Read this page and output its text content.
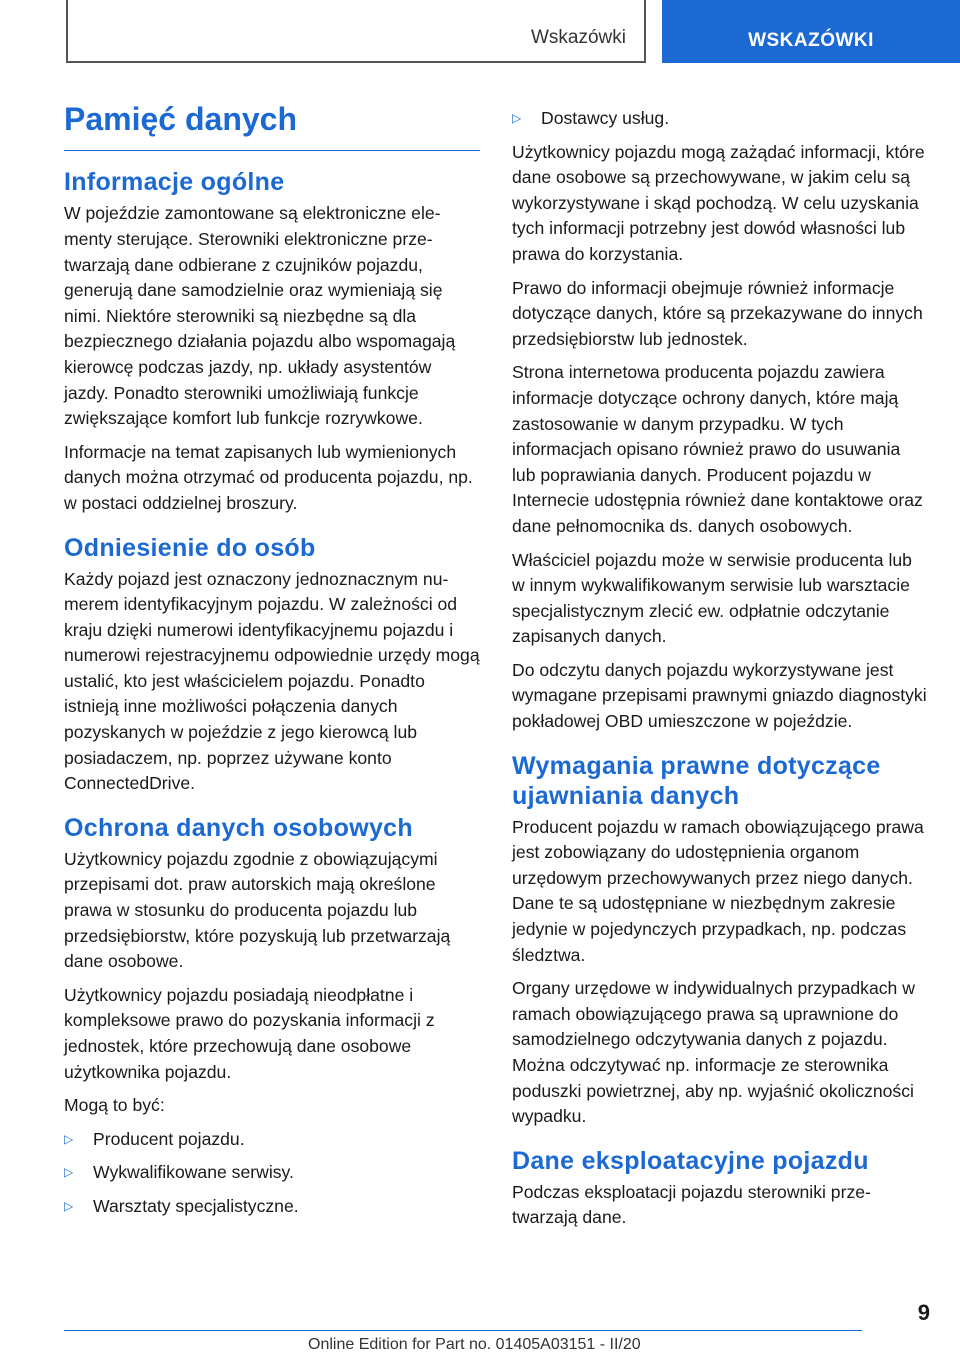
Wskazówki	WSKAZÓWKI
Pamięć danych
Informacje ogólne

W pojeździe zamontowane są elektroniczne elementy sterujące. Sterowniki elektroniczne przetwarzają dane odbierane z czujników pojazdu, generują dane samodzielnie oraz wymieniają się nimi. Niektóre sterowniki są niezbędne są dla bezpiecznego działania pojazdu albo wspomagają kierowcę podczas jazdy, np. układy asystentów jazdy. Ponadto sterowniki umożliwiają funkcje zwiększające komfort lub funkcje rozrywkowe.

Informacje na temat zapisanych lub wymienionych danych można otrzymać od producenta pojazdu, np. w postaci oddzielnej broszury.

Odniesienie do osób

Każdy pojazd jest oznaczony jednoznacznym numerem identyfikacyjnym pojazdu. W zależności od kraju dzięki numerowi identyfikacyjnemu pojazdu i numerowi rejestracyjnemu odpowiednie urzędy mogą ustalić, kto jest właścicielem pojazdu. Ponadto istnieją inne możliwości połączenia danych pozyskanych w pojeździe z jego kierowcą lub posiadaczem, np. poprzez używane konto ConnectedDrive.

Ochrona danych osobowych

Użytkownicy pojazdu zgodnie z obowiązującymi przepisami dot. praw autorskich mają określone prawa w stosunku do producenta pojazdu lub przedsiębiorstw, które pozyskują lub przetwarzają dane osobowe.

Użytkownicy pojazdu posiadają nieodpłatne i kompleksowe prawo do pozyskania informacji z jednostek, które przechowują dane osobowe użytkownika pojazdu.

Mogą to być:

▷	Producent pojazdu.
▷	Wykwalifikowane serwisy.
▷	Warsztaty specjalistyczne.
▷	Dostawcy usług.

Użytkownicy pojazdu mogą zażądać informacji, które dane osobowe są przechowywane, w jakim celu są wykorzystywane i skąd pochodzą. W celu uzyskania tych informacji potrzebny jest dowód własności lub prawa do korzystania.

Prawo do informacji obejmuje również informacje dotyczące danych, które są przekazywane do innych przedsiębiorstw lub jednostek.

Strona internetowa producenta pojazdu zawiera informacje dotyczące ochrony danych, które mają zastosowanie w danym przypadku. W tych informacjach opisano również prawo do usuwania lub poprawiania danych. Producent pojazdu w Internecie udostępnia również dane kontaktowe oraz dane pełnomocnika ds. danych osobowych.

Właściciel pojazdu może w serwisie producenta lub w innym wykwalifikowanym serwisie lub warsztacie specjalistycznym zlecić ew. odpłatnie odczytanie zapisanych danych.

Do odczytu danych pojazdu wykorzystywane jest wymagane przepisami prawnymi gniazdo diagnostyki pokładowej OBD umieszczone w pojeździe.

Wymagania prawne dotyczące ujawniania danych

Producent pojazdu w ramach obowiązującego prawa jest zobowiązany do udostępnienia organom urzędowym przechowywanych przez niego danych. Dane te są udostępniane w niezbędnym zakresie jedynie w pojedynczych przypadkach, np. podczas śledztwa.

Organy urzędowe w indywidualnych przypadkach w ramach obowiązującego prawa są uprawnione do samodzielnego odczytywania danych z pojazdu. Można odczytywać np. informacje ze sterownika poduszki powietrznej, aby np. wyjaśnić okoliczności wypadku.

Dane eksploatacyjne pojazdu

Podczas eksploatacji pojazdu sterowniki przetwarzają dane.

9
Online Edition for Part no. 01405A03151 - II/20
